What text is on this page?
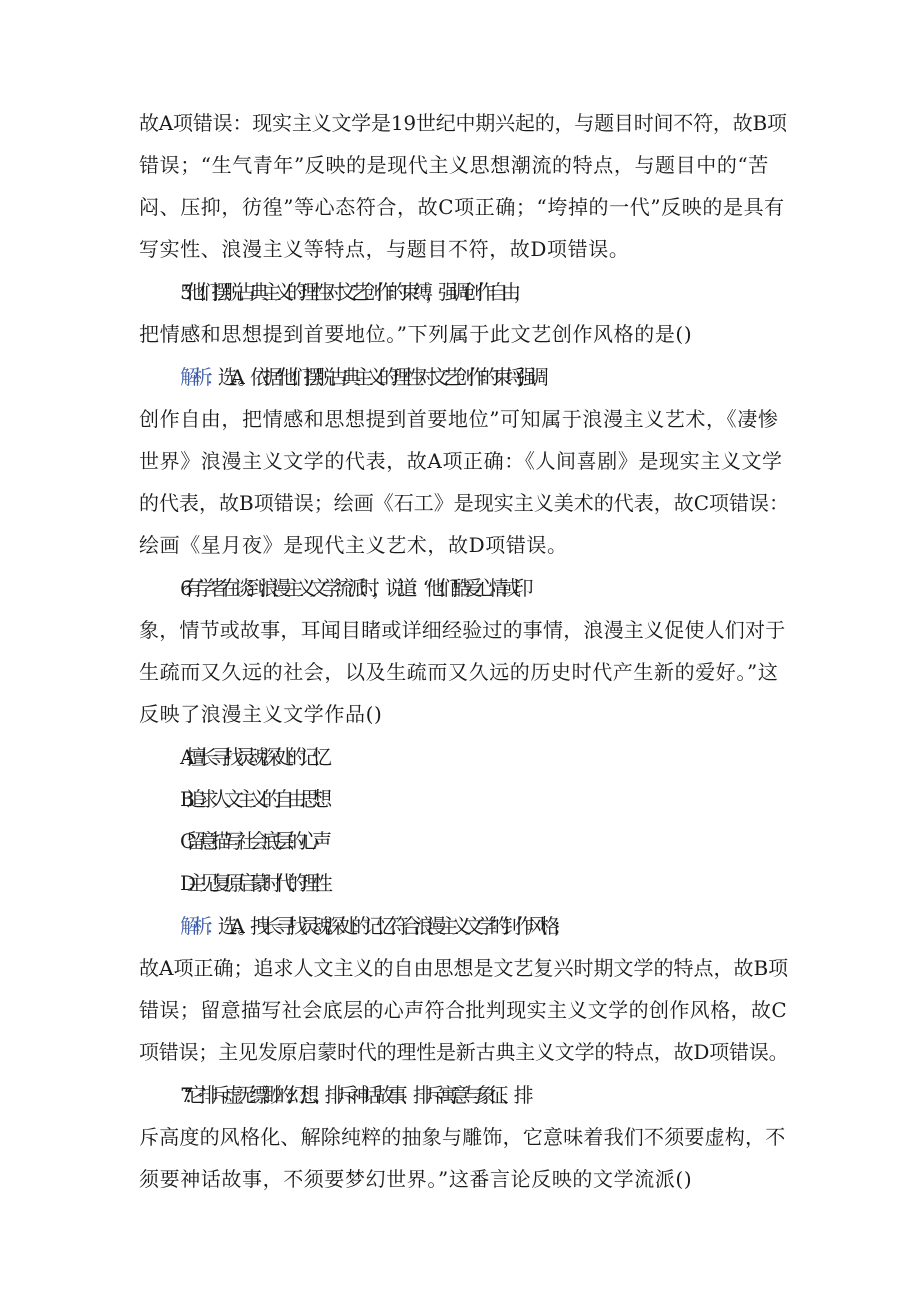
故A项错误：现实主义文学是19世纪中期兴起的，与题目时间不符，故B项
错误；“生气青年”反映的是现代主义思想潮流的特点，与题目中的“苦
闷、压抑，彷徨”等心态符合，故C项正确；“垮掉的一代”反映的是具有
写实性、浪漫主义等特点，与题目不符，故D项错误。
5. “他们摆脱占典主义的理性对文艺创作的束缚，强调创作自由，
把情感和思想提到首要地位。”下列属于此文艺创作风格的是()
解析：选A。依据“他们摆脱古典主义的理性对文艺创作的束埒,强调
创作自由，把情感和思想提到首要地位”可知属于浪漫主义艺术，《凄惨
世界》浪漫主义文学的代表，故A项正确：《人间喜剧》是现实主义文学
的代表，故B项错误；绘画《石工》是现实主义美术的代表，故C项错误：
绘画《星月夜》是现代主义艺术，故D项错误。
6. 有学者在谈到浪漫主义文学流派时，说道：“他们酷爱心情或印
象，情节或故事，耳闻目睹或详细经验过的事情，浪漫主义促使人们对于
生疏而又久远的社会，以及生疏而又久远的历史时代产生新的爱好。”这
反映了浪漫主义文学作品()
A.擅长寻找灵魂深处的记忆
B.追求人文主义的自由思想
C.留意描写社会底层的心声
D.主见复原启蒙时代的理性
解析：选A。拽长寻找灵魂深处的记忆符合浪漫主义文学的钊作风格；
故A项正确；追求人文主义的自由思想是文艺复兴时期文学的特点，故B项
错误；留意描写社会底层的心声符合批判现实主义文学的创作风格，故C
项错误；主见发原启蒙时代的理性是新古典主义文学的特点，故D项错误。
7. “它排斥虚无缥渺的幻想、排斥神话故事、排斥寓意与象征、排
斥高度的风格化、解除纯粹的抽象与雕饰，它意味着我们不须要虚构，不
须要神话故事，不须要梦幻世界。”这番言论反映的文学流派()
